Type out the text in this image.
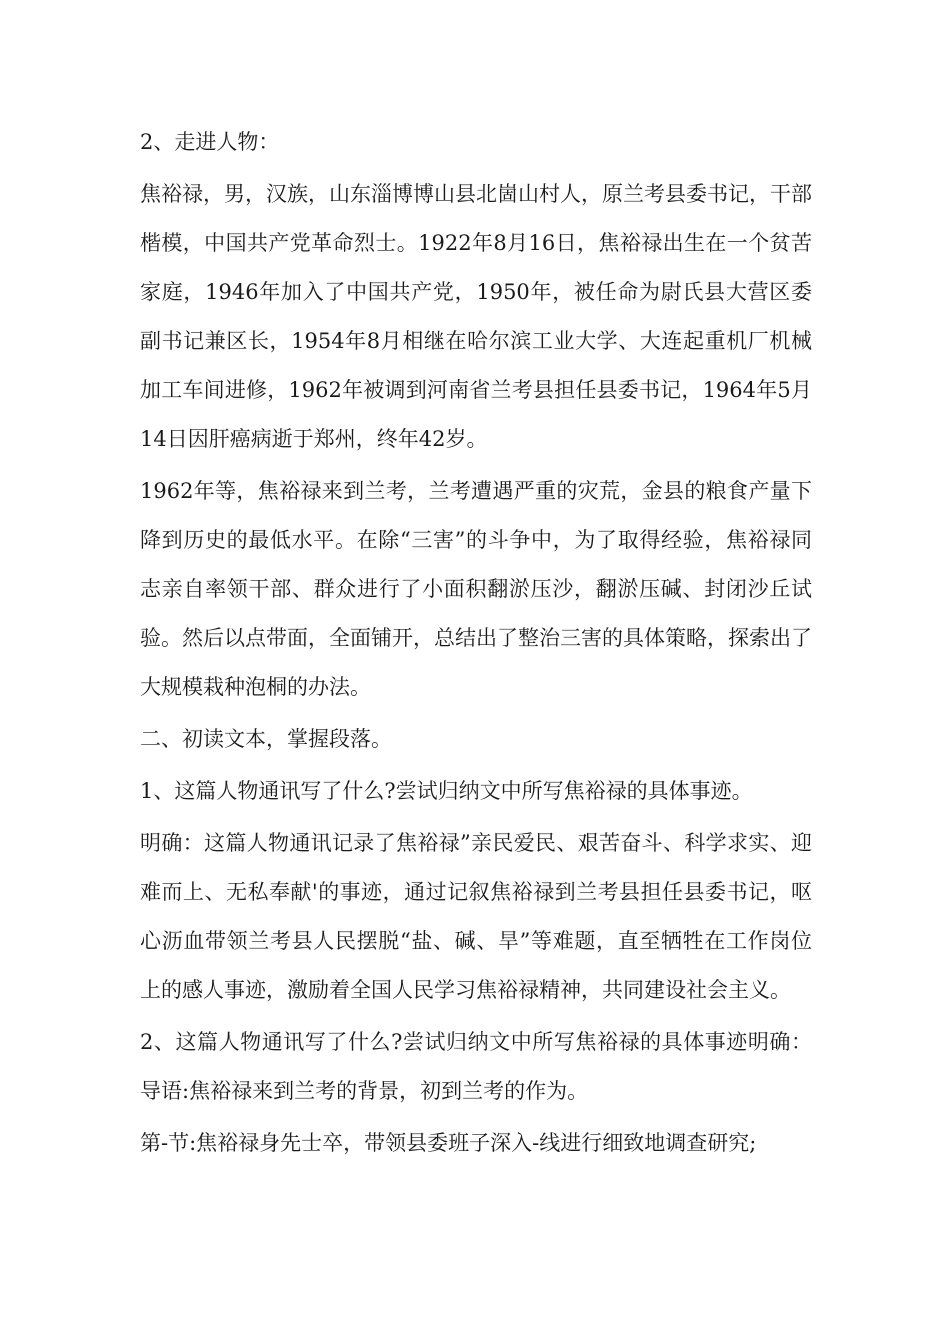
2、走进人物：

焦裕禄，男，汉族，山东淄博博山县北崮山村人，原兰考县委书记，干部楷模，中国共产党革命烈士。1922年8月16日，焦裕禄出生在一个贫苦家庭，1946年加入了中国共产党，1950年，被任命为尉氏县大营区委副书记兼区长，1954年8月相继在哈尔滨工业大学、大连起重机厂机械加工车间进修，1962年被调到河南省兰考县担任县委书记，1964年5月14日因肝癌病逝于郑州，终年42岁。

1962年等，焦裕禄来到兰考，兰考遭遇严重的灾荒，金县的粮食产量下降到历史的最低水平。在除“三害”的斗争中，为了取得经验，焦裕禄同志亲自率领干部、群众进行了小面积翻淤压沙，翻淤压碱、封闭沙丘试验。然后以点带面，全面铺开，总结出了整治三害的具体策略，探索出了大规模栽种泡桐的办法。

二、初读文本，掌握段落。

1、这篇人物通讯写了什么?尝试归纳文中所写焦裕禄的具体事迹。

明确：这篇人物通讯记录了焦裕禄”亲民爱民、艰苦奋斗、科学求实、迎难而上、无私奉献'的事迹，通过记叙焦裕禄到兰考县担任县委书记，呕心沥血带领兰考县人民摆脱“盐、碱、旱”等难题，直至牺牲在工作岗位上的感人事迹，激励着全国人民学习焦裕禄精神，共同建设社会主义。

2、这篇人物通讯写了什么?尝试归纳文中所写焦裕禄的具体事迹明确：导语:焦裕禄来到兰考的背景，初到兰考的作为。

第-节:焦裕禄身先士卒，带领县委班子深入-线进行细致地调查研究;
